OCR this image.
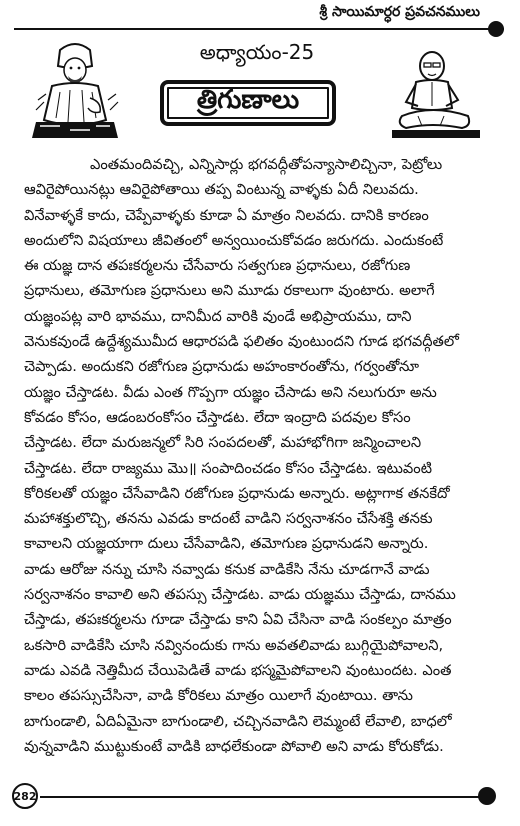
శ్రీ సాయిమార్ధర ప్రవచనములు
అధ్యాయం-25
త్రిగుణాలు
ఎంతమందివచ్చి, ఎన్నిసార్లు భగవద్గీతోపన్యాసాలిచ్చినా, పెట్రోలు
ఆవిరైపోయినట్లు ఆవిరైపోతాయి తప్ప వింటున్న వాళ్ళకు ఏదీ నిలువదు.
వినేవాళ్ళకే కాదు, చెప్పేవాళ్ళకు కూడా ఏ మాత్రం నిలవదు. దానికి కారణం
అందులోని విషయాలు జీవితంలో అన్వయించుకోవడం జరుగదు. ఎందుకంటే
ఈ యజ్ఞ దాన తపఃకర్మలను చేసేవారు సత్వగుణ ప్రధానులు, రజోగుణ
ప్రధానులు, తమోగుణ ప్రధానులు అని మూడు రకాలుగా వుంటారు. అలాగే
యజ్ఞంపట్ల వారి భావము, దానిమీద వారికి వుండే అభిప్రాయము, దాని
వెనుకవుండే ఉద్దేశ్యముమీద ఆధారపడి ఫలితం వుంటుందని గూడ భగవద్గీతలో
చెప్పాడు. అందుకని రజోగుణ ప్రధానుడు అహంకారంతోను, గర్వంతోనూ
యజ్ఞం చేస్తాడట. వీడు ఎంత గొప్పగా యజ్ఞం చేసాడు అని నలుగురూ అను
కోవడం కోసం, ఆడంబరంకోసం చేస్తాడట. లేదా ఇంద్రాది పదవుల కోసం
చేస్తాడట. లేదా మరుజన్మలో సిరి సంపదలతో, మహాభోగిగా జన్మించాలని
చేస్తాడట. లేదా రాజ్యము మొ॥ సంపాదించడం కోసం చేస్తాడట. ఇటువంటి
కోరికలతో యజ్ఞం చేసేవాడిని రజోగుణ ప్రధానుడు అన్నారు. అట్లాగాక తనకేదో
మహాశక్తులొచ్చి, తనను ఎవడు కాదంటే వాడిని సర్వనాశనం చేసేశక్తి తనకు
కావాలని యజ్ఞయాగా దులు చేసేవాడిని, తమోగుణ ప్రధానుడని అన్నారు.
వాడు ఆరోజు నన్ను చూసి నవ్వాడు కనుక వాడికేసి నేను చూడగానే వాడు
సర్వనాశనం కావాలి అని తపస్సు చేస్తాడట. వాడు యజ్ఞము చేస్తాడు, దానము
చేస్తాడు, తపఃకర్మలను గూడా చేస్తాడు కాని ఏవి చేసినా వాడి సంకల్పం మాత్రం
ఒకసారి వాడికేసి చూసి నవ్వినందుకు గాను అవతలివాడు బుగ్గియైపోవాలని,
వాడు ఎవడి నెత్తిమీద చేయిపెడితే వాడు భస్మమైపోవాలని వుంటుందట. ఎంత
కాలం తపస్సుచేసినా, వాడి కోరికలు మాత్రం యిలాగే వుంటాయి. తాను
బాగుండాలి, ఏదిఏమైనా బాగుండాలి, చచ్చినవాడిని లెమ్మంటే లేవాలి, బాధలో
వున్నవాడిని ముట్టుకుంటే వాడికి బాధలేకుండా పోవాలి అని వాడు కోరుకోడు.
282
